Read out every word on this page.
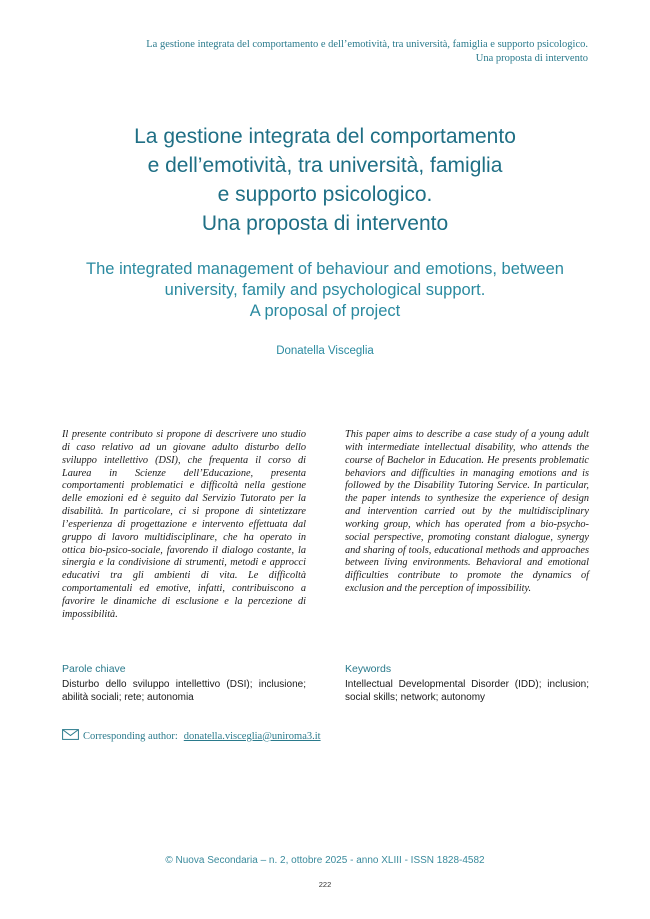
La gestione integrata del comportamento e dell’emotività, tra università, famiglia e supporto psicologico.
Una proposta di intervento
La gestione integrata del comportamento
e dell’emotività, tra università, famiglia
e supporto psicologico.
Una proposta di intervento
The integrated management of behaviour and emotions, between
university, family and psychological support.
A proposal of project
Donatella Visceglia

Il presente contributo si propone di descrivere uno studio di caso relativo ad un giovane adulto disturbo dello sviluppo intellettivo (DSI), che frequenta il corso di Laurea in Scienze dell’Educazione, presenta comportamenti problematici e difficoltà nella gestione delle emozioni ed è seguito dal Servizio Tutorato per la disabilità. In particolare, ci si propone di sintetizzare l’esperienza di progettazione e intervento effettuata dal gruppo di lavoro multidisciplinare, che ha operato in ottica bio-psico-sociale, favorendo il dialogo costante, la sinergia e la condivisione di strumenti, metodi e approcci educativi tra gli ambienti di vita. Le difficoltà comportamentali ed emotive, infatti, contribuiscono a favorire le dinamiche di esclusione e la percezione di impossibilità.

This paper aims to describe a case study of a young adult with intermediate intellectual disability, who attends the course of Bachelor in Education. He presents problematic behaviors and difficulties in managing emotions and is followed by the Disability Tutoring Service. In particular, the paper intends to synthesize the experience of design and intervention carried out by the multidisciplinary working group, which has operated from a bio-psycho-social perspective, promoting constant dialogue, synergy and sharing of tools, educational methods and approaches between living environments. Behavioral and emotional difficulties contribute to promote the dynamics of exclusion and the perception of impossibility.

Parole chiave
Disturbo dello sviluppo intellettivo (DSI); inclusione; abilità sociali; rete; autonomia
Keywords
Intellectual Developmental Disorder (IDD); inclusion; social skills; network; autonomy
Corresponding author: donatella.visceglia@uniroma3.it
© Nuova Secondaria – n. 2, ottobre 2025 - anno XLIII - ISSN 1828-4582
222
